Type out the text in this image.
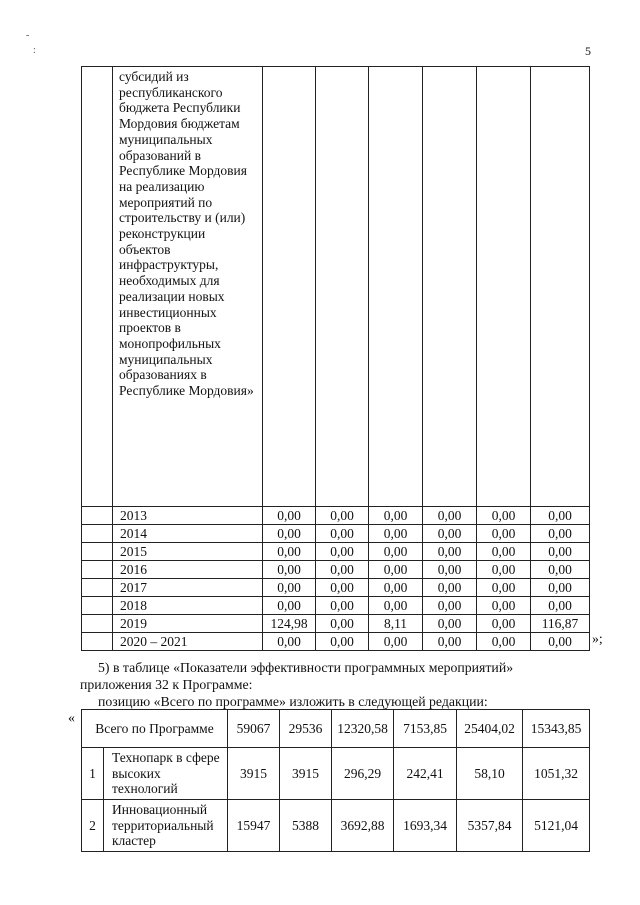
-
:	5
	субсидий из республиканского бюджета Республики Мордовия бюджетам муниципальных образований в Республике Мордовия на реализацию мероприятий по строительству и (или) реконструкции объектов инфраструктуры, необходимых для реализации новых инвестиционных проектов в монопрофильных муниципальных образованиях в Республике Мордовия»						
	2013	0,00	0,00	0,00	0,00	0,00	0,00
	2014	0,00	0,00	0,00	0,00	0,00	0,00
	2015	0,00	0,00	0,00	0,00	0,00	0,00
	2016	0,00	0,00	0,00	0,00	0,00	0,00
	2017	0,00	0,00	0,00	0,00	0,00	0,00
	2018	0,00	0,00	0,00	0,00	0,00	0,00
	2019	124,98	0,00	8,11	0,00	0,00	116,87
	2020 – 2021	0,00	0,00	0,00	0,00	0,00	0,00 »;
5) в таблице «Показатели эффективности программных мероприятий»
приложения 32 к Программе:
позицию «Всего по программе» изложить в следующей редакции:
«
Всего по Программе		59067	29536	12320,58	7153,85	25404,02	15343,85
1	Технопарк в сфере высоких технологий	3915	3915	296,29	242,41	58,10	1051,32
2	Инновационный территориальный кластер	15947	5388	3692,88	1693,34	5357,84	5121,04
